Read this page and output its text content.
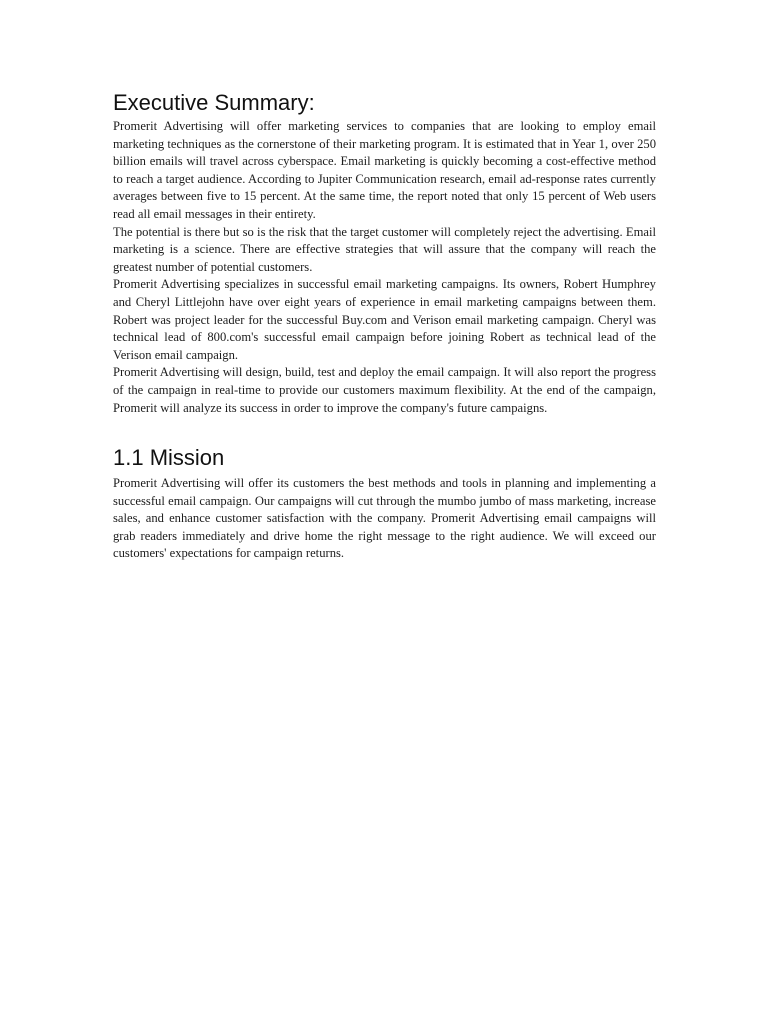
Executive Summary:

Promerit Advertising will offer marketing services to companies that are looking to employ email marketing techniques as the cornerstone of their marketing program. It is estimated that in Year 1, over 250 billion emails will travel across cyberspace. Email marketing is quickly becoming a cost-effective method to reach a target audience. According to Jupiter Communication research, email ad-response rates currently averages between five to 15 percent. At the same time, the report noted that only 15 percent of Web users read all email messages in their entirety.

The potential is there but so is the risk that the target customer will completely reject the advertising. Email marketing is a science. There are effective strategies that will assure that the company will reach the greatest number of potential customers.

Promerit Advertising specializes in successful email marketing campaigns. Its owners, Robert Humphrey and Cheryl Littlejohn have over eight years of experience in email marketing campaigns between them. Robert was project leader for the successful Buy.com and Verison email marketing campaign. Cheryl was technical lead of 800.com's successful email campaign before joining Robert as technical lead of the Verison email campaign.

Promerit Advertising will design, build, test and deploy the email campaign. It will also report the progress of the campaign in real-time to provide our customers maximum flexibility. At the end of the campaign, Promerit will analyze its success in order to improve the company's future campaigns.

1.1 Mission

Promerit Advertising will offer its customers the best methods and tools in planning and implementing a successful email campaign. Our campaigns will cut through the mumbo jumbo of mass marketing, increase sales, and enhance customer satisfaction with the company. Promerit Advertising email campaigns will grab readers immediately and drive home the right message to the right audience. We will exceed our customers' expectations for campaign returns.
